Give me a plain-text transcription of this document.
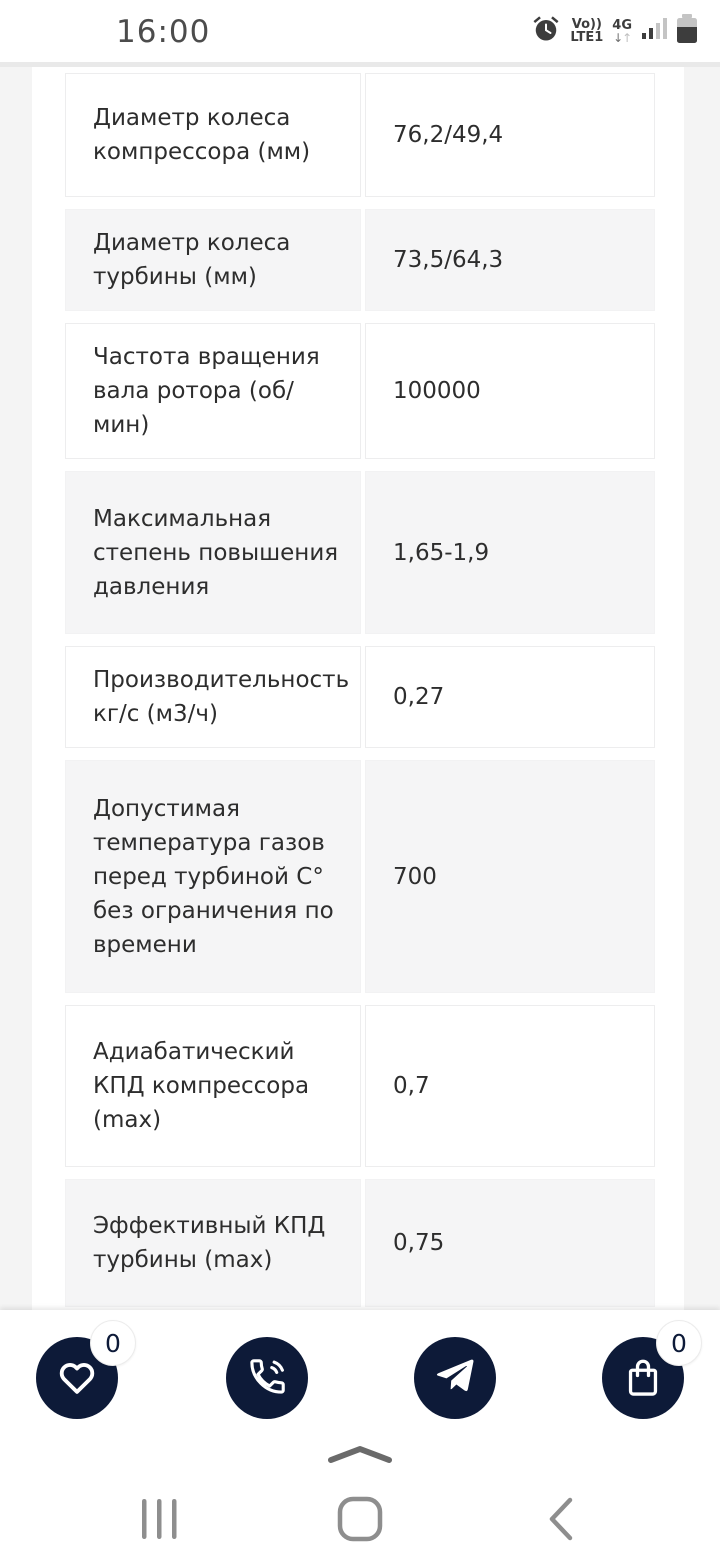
16:00	Vo))
LTE1
4G
↓↑
Диаметр колеса компрессора (мм)
76,2/49,4
Диаметр колеса турбины (мм)
73,5/64,3
Частота вращения вала ротора (об/мин)
100000
Максимальная степень повышения давления
1,65-1,9
Производительность кг/с (м3/ч)
0,27
Допустимая температура газов перед турбиной С° без ограничения по времени
700
Адиабатический КПД компрессора (max)
0,7
Эффективный КПД турбины (max)
0,75
0	0
